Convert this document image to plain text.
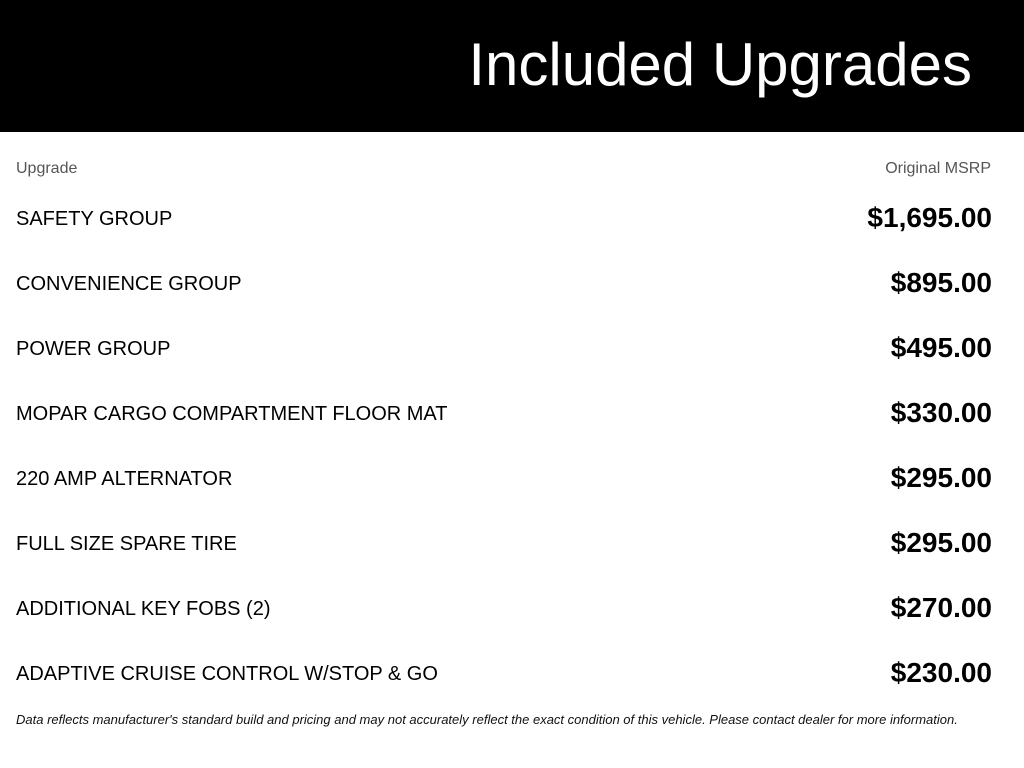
Included Upgrades
Upgrade	Original MSRP
SAFETY GROUP	$1,695.00
CONVENIENCE GROUP	$895.00
POWER GROUP	$495.00
MOPAR CARGO COMPARTMENT FLOOR MAT	$330.00
220 AMP ALTERNATOR	$295.00
FULL SIZE SPARE TIRE	$295.00
ADDITIONAL KEY FOBS (2)	$270.00
ADAPTIVE CRUISE CONTROL W/STOP & GO	$230.00

Data reflects manufacturer's standard build and pricing and may not accurately reflect the exact condition of this vehicle. Please contact dealer for more information.
